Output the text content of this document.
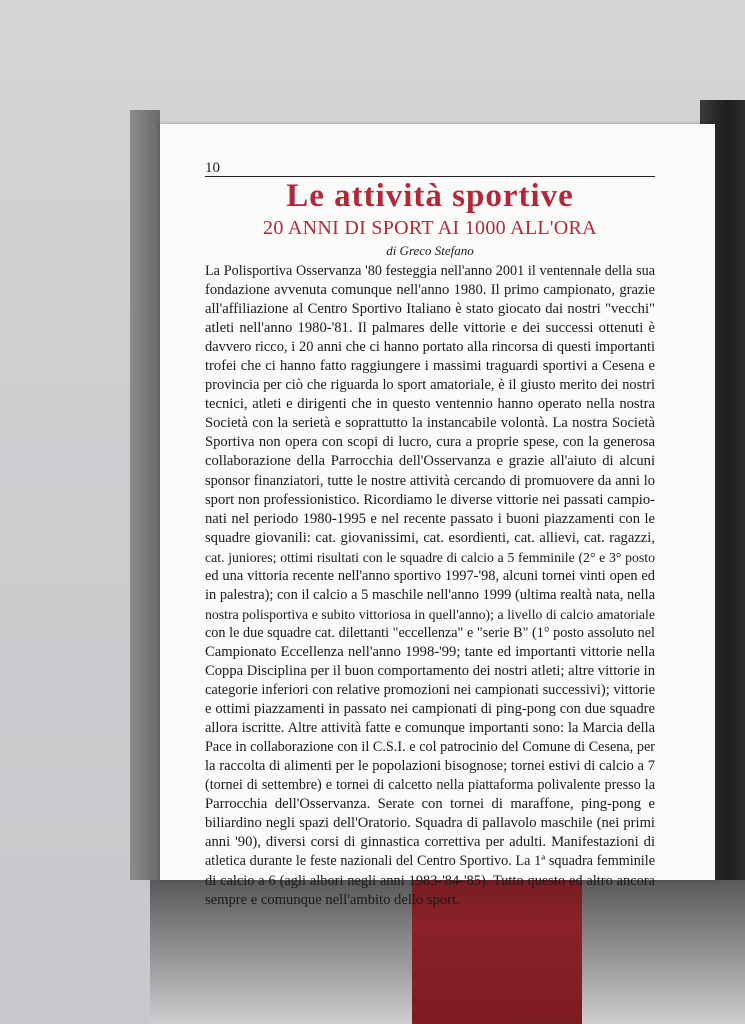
10
Le attività sportive
20 ANNI DI SPORT AI 1000 ALL'ORA
di Greco Stefano
La Polisportiva Osservanza '80 festeggia nell'anno 2001 il ventennale della sua
fondazione avvenuta comunque nell'anno 1980. Il primo campionato, grazie
all'affiliazione al Centro Sportivo Italiano è stato giocato dai nostri "vecchi"
atleti nell'anno 1980-'81. Il palmares delle vittorie e dei successi ottenuti è
davvero ricco, i 20 anni che ci hanno portato alla rincorsa di questi importanti
trofei che ci hanno fatto raggiungere i massimi traguardi sportivi a Cesena e
provincia per ciò che riguarda lo sport amatoriale, è il giusto merito dei nostri
tecnici, atleti e dirigenti che in questo ventennio hanno operato nella nostra
Società con la serietà e soprattutto la instancabile volontà. La nostra Società
Sportiva non opera con scopi di lucro, cura a proprie spese, con la generosa
collaborazione della Parrocchia dell'Osservanza e grazie all'aiuto di alcuni
sponsor finanziatori, tutte le nostre attività cercando di promuovere da anni lo
sport non professionistico. Ricordiamo le diverse vittorie nei passati campio-
nati nel periodo 1980-1995 e nel recente passato i buoni piazzamenti con le
squadre giovanili: cat. giovanissimi, cat. esordienti, cat. allievi, cat. ragazzi,
cat. juniores; ottimi risultati con le squadre di calcio a 5 femminile (2° e 3° posto
ed una vittoria recente nell'anno sportivo 1997-'98, alcuni tornei vinti open ed
in palestra); con il calcio a 5 maschile nell'anno 1999 (ultima realtà nata, nella
nostra polisportiva e subito vittoriosa in quell'anno); a livello di calcio amatoriale
con le due squadre cat. dilettanti "eccellenza" e "serie B" (1° posto assoluto nel
Campionato Eccellenza nell'anno 1998-'99; tante ed importanti vittorie nella
Coppa Disciplina per il buon comportamento dei nostri atleti; altre vittorie in
categorie inferiori con relative promozioni nei campionati successivi); vittorie
e ottimi piazzamenti in passato nei campionati di ping-pong con due squadre
allora iscritte. Altre attività fatte e comunque importanti sono: la Marcia della
Pace in collaborazione con il C.S.I. e col patrocinio del Comune di Cesena, per
la raccolta di alimenti per le popolazioni bisognose; tornei estivi di calcio a 7
(tornei di settembre) e tornei di calcetto nella piattaforma polivalente presso la
Parrocchia dell'Osservanza. Serate con tornei di maraffone, ping-pong e
biliardino negli spazi dell'Oratorio. Squadra di pallavolo maschile (nei primi
anni '90), diversi corsi di ginnastica correttiva per adulti. Manifestazioni di
atletica durante le feste nazionali del Centro Sportivo. La 1ª squadra femminile
di calcio a 6 (agli albori negli anni 1983-'84-'85). Tutto questo ed altro ancora
sempre e comunque nell'ambito dello sport.
